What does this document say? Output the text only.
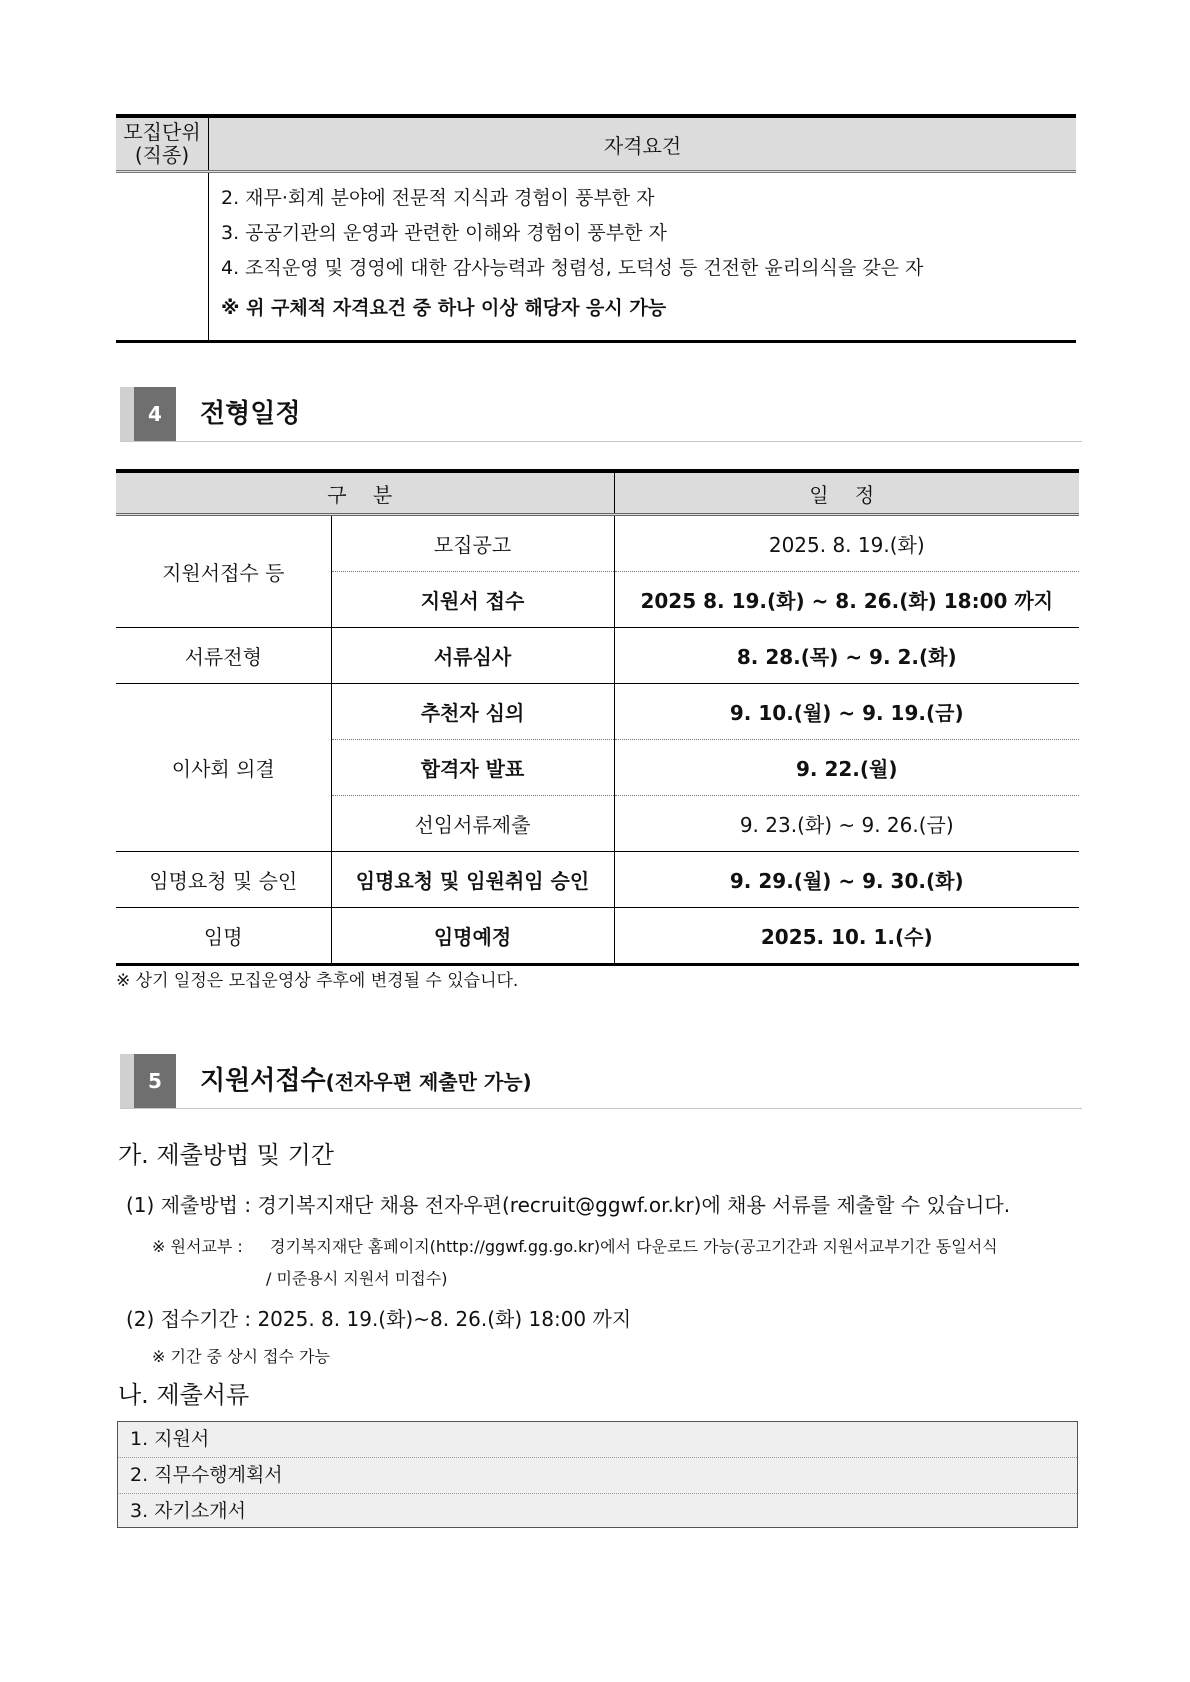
모집단위
(직종)	자격요건

	2. 재무·회계 분야에 전문적 지식과 경험이 풍부한 자
3. 공공기관의 운영과 관련한 이해와 경험이 풍부한 자
4. 조직운영 및 경영에 대한 감사능력과 청렴성, 도덕성 등 건전한 윤리의식을 갖은 자
※ 위 구체적 자격요건 중 하나 이상 해당자 응시 가능
4	전형일정
구 분		일 정
지원서접수 등	모집공고	2025. 8. 19.(화)
	지원서 접수	2025 8. 19.(화) ~ 8. 26.(화) 18:00 까지
서류전형	서류심사	8. 28.(목) ~ 9. 2.(화)
이사회 의결	추천자 심의	9. 10.(월) ~ 9. 19.(금)
	합격자 발표	9. 22.(월)
	선임서류제출	9. 23.(화) ~ 9. 26.(금)
임명요청 및 승인	임명요청 및 임원취임 승인	9. 29.(월) ~ 9. 30.(화)
임명	임명예정	2025. 10. 1.(수)
※ 상기 일정은 모집운영상 추후에 변경될 수 있습니다.
5	지원서접수(전자우편 제출만 가능)
가. 제출방법 및 기간
(1) 제출방법 : 경기복지재단 채용 전자우편(recruit@ggwf.or.kr)에 채용 서류를 제출할 수 있습니다.
※ 원서교부 : 경기복지재단 홈페이지(http://ggwf.gg.go.kr)에서 다운로드 가능(공고기간과 지원서교부기간 동일서식
/ 미준용시 지원서 미접수)
(2) 접수기간 : 2025. 8. 19.(화)~8. 26.(화) 18:00 까지
※ 기간 중 상시 접수 가능
나. 제출서류
1. 지원서
2. 직무수행계획서
3. 자기소개서
